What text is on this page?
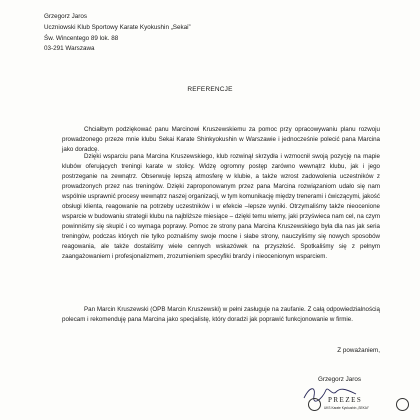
Grzegorz Jaros
Uczniowski Klub Sportowy Karate Kyokushin „Sekai”
Św. Wincentego 89 lok. 88
03-291 Warszawa
REFERENCJE
Chciałbym podziękować panu Marcinowi Kruszewskiemu za pomoc przy opracowywaniu planu rozwoju prowadzonego przeze mnie klubu Sekai Karate Shinkyokushin w Warszawie i jednocześnie polecić pana Marcina jako doradcę.
Dzięki wsparciu pana Marcina Kruszewskiego, klub rozwinął skrzydła i wzmocnił swoją pozycję na mapie klubów oferujących treningi karate w stolicy. Widzę ogromny postęp zarówno wewnątrz klubu, jak i jego postrzeganie na zewnątrz. Obserwuję lepszą atmosferę w klubie, a także wzrost zadowolenia uczestników z prowadzonych przez nas treningów. Dzięki zaproponowanym przez pana Marcina rozwiązaniom udało się nam wspólnie usprawnić procesy wewnątrz naszej organizacji, w tym komunikację między trenerami i ćwiczącymi, jakość obsługi klienta, reagowanie na potrzeby uczestników i w efekcie –lepsze wyniki. Otrzymaliśmy także nieocenione wsparcie w budowaniu strategii klubu na najbliższe miesiące – dzięki temu wiemy, jaki przyświeca nam cel, na czym powinniśmy się skupić i co wymaga poprawy. Pomoc ze strony pana Marcina Kruszewskiego była dla nas jak seria treningów, podczas których nie tylko poznaliśmy swoje mocne i słabe strony, nauczyliśmy się nowych sposobów reagowania, ale także dostaliśmy wiele cennych wskazówek na przyszłość. Spotkaliśmy się z pełnym zaangażowaniem i profesjonalizmem, zrozumieniem specyfiki branży i nieocenionym wsparciem.
Pan Marcin Kruszewski (OPB Marcin Kruszewski) w pełni zasługuje na zaufanie. Z całą odpowiedzialnością polecam i rekomenduję pana Marcina jako specjalistę, który doradzi jak poprawić funkcjonowanie w firmie.
Z poważaniem,
Grzegorz Jaros
PREZES
UKS Karate Kyokushin „SEKAI”
